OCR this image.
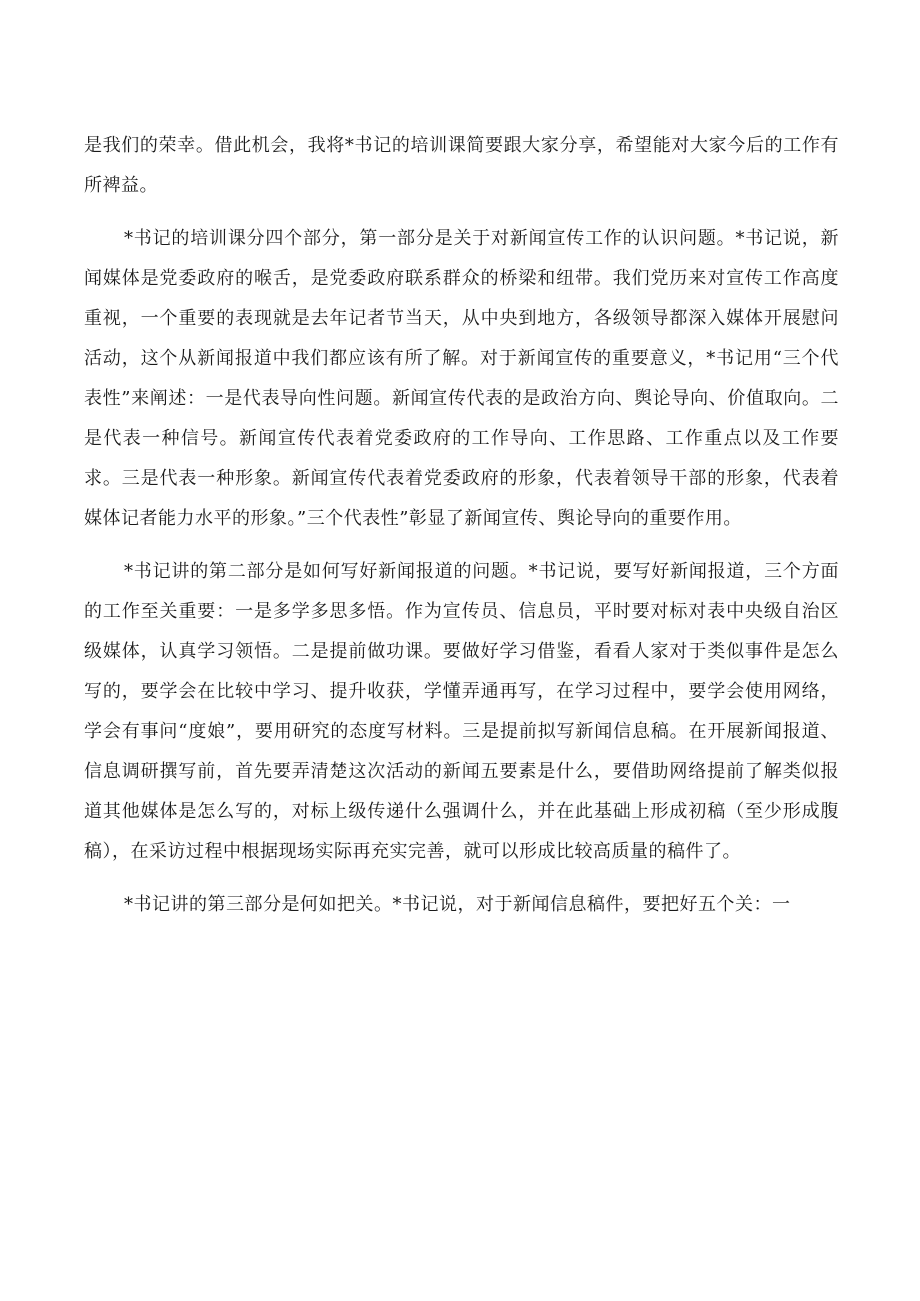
是我们的荣幸。借此机会，我将*书记的培训课简要跟大家分享，希望能对大家今后的工作有所裨益。

*书记的培训课分四个部分，第一部分是关于对新闻宣传工作的认识问题。*书记说，新闻媒体是党委政府的喉舌，是党委政府联系群众的桥梁和纽带。我们党历来对宣传工作高度重视，一个重要的表现就是去年记者节当天，从中央到地方，各级领导都深入媒体开展慰问活动，这个从新闻报道中我们都应该有所了解。对于新闻宣传的重要意义，*书记用“三个代表性”来阐述：一是代表导向性问题。新闻宣传代表的是政治方向、舆论导向、价值取向。二是代表一种信号。新闻宣传代表着党委政府的工作导向、工作思路、工作重点以及工作要求。三是代表一种形象。新闻宣传代表着党委政府的形象，代表着领导干部的形象，代表着媒体记者能力水平的形象。”三个代表性”彰显了新闻宣传、舆论导向的重要作用。

*书记讲的第二部分是如何写好新闻报道的问题。*书记说，要写好新闻报道，三个方面的工作至关重要：一是多学多思多悟。作为宣传员、信息员，平时要对标对表中央级自治区级媒体，认真学习领悟。二是提前做功课。要做好学习借鉴，看看人家对于类似事件是怎么写的，要学会在比较中学习、提升收获，学懂弄通再写，在学习过程中，要学会使用网络，学会有事问“度娘”，要用研究的态度写材料。三是提前拟写新闻信息稿。在开展新闻报道、信息调研撰写前，首先要弄清楚这次活动的新闻五要素是什么，要借助网络提前了解类似报道其他媒体是怎么写的，对标上级传递什么强调什么，并在此基础上形成初稿（至少形成腹稿），在采访过程中根据现场实际再充实完善，就可以形成比较高质量的稿件了。

*书记讲的第三部分是何如把关。*书记说，对于新闻信息稿件，要把好五个关：一
